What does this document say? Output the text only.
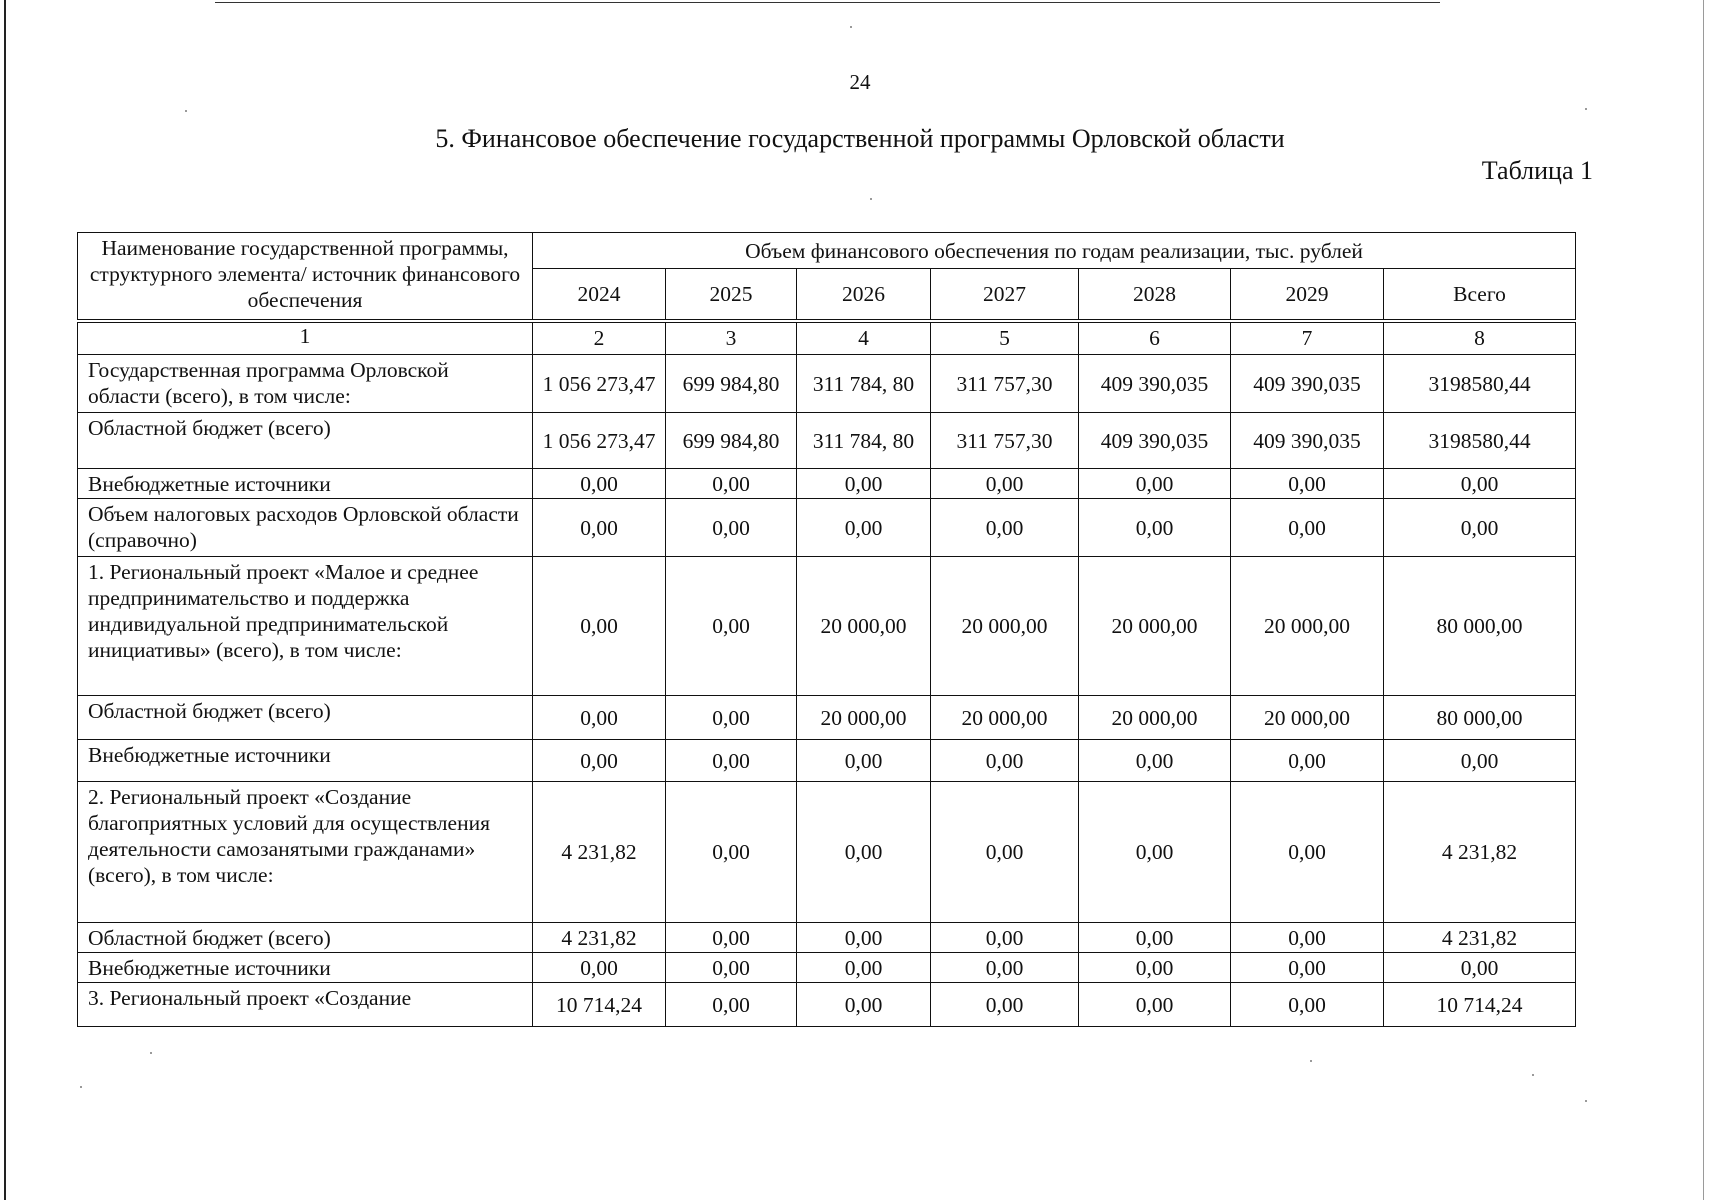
24
5. Финансовое обеспечение государственной программы Орловской области
Таблица 1
Наименование государственной программы, структурного элемента/ источник финансового обеспечения	Объем финансового обеспечения по годам реализации, тыс. рублей						
	2024	2025	2026	2027	2028	2029	Всего
1	2	3	4	5	6	7	8
Государственная программа Орловской области (всего), в том числе:	1 056 273,47	699 984,80	311 784, 80	311 757,30	409 390,035	409 390,035	3198580,44
Областной бюджет (всего)	1 056 273,47	699 984,80	311 784, 80	311 757,30	409 390,035	409 390,035	3198580,44
Внебюджетные источники	0,00	0,00	0,00	0,00	0,00	0,00	0,00
Объем налоговых расходов Орловской области (справочно)	0,00	0,00	0,00	0,00	0,00	0,00	0,00
1. Региональный проект «Малое и среднее предпринимательство и поддержка индивидуальной предпринимательской инициативы» (всего), в том числе:	0,00	0,00	20 000,00	20 000,00	20 000,00	20 000,00	80 000,00
Областной бюджет (всего)	0,00	0,00	20 000,00	20 000,00	20 000,00	20 000,00	80 000,00
Внебюджетные источники	0,00	0,00	0,00	0,00	0,00	0,00	0,00
2. Региональный проект «Создание благоприятных условий для осуществления деятельности самозанятыми гражданами» (всего), в том числе:	4 231,82	0,00	0,00	0,00	0,00	0,00	4 231,82
Областной бюджет (всего)	4 231,82	0,00	0,00	0,00	0,00	0,00	4 231,82
Внебюджетные источники	0,00	0,00	0,00	0,00	0,00	0,00	0,00
3. Региональный проект «Создание	10 714,24	0,00	0,00	0,00	0,00	0,00	10 714,24
